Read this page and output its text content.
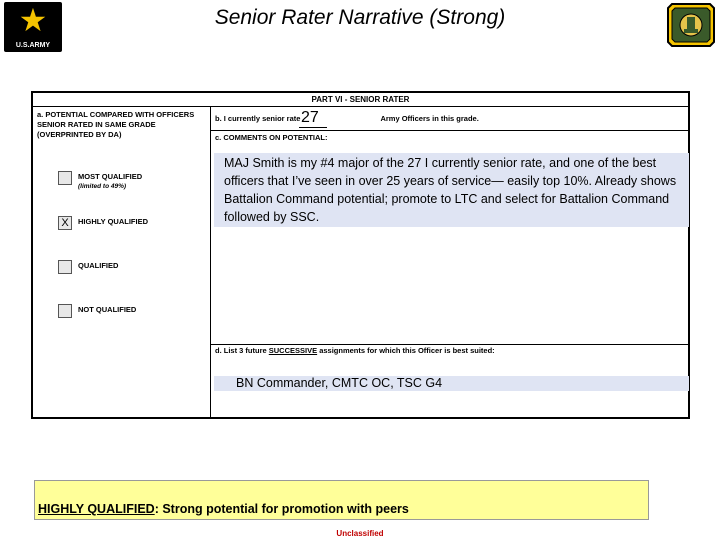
★
U.S.ARMY
Senior Rater Narrative (Strong)
PART VI - SENIOR RATER
a. POTENTIAL COMPARED WITH OFFICERS SENIOR RATED IN SAME GRADE (OVERPRINTED BY DA)
b. I currently senior rate	Army Officers in this grade.
27
c. COMMENTS ON POTENTIAL:
MOST QUALIFIED
(limited to 49%)
X	HIGHLY QUALIFIED
QUALIFIED
NOT QUALIFIED
MAJ Smith is my #4 major of the 27 I currently senior rate, and one of the best officers that I’ve seen in over 25 years of service— easily top 10%. Already shows Battalion Command potential; promote to LTC and select for Battalion Command followed by SSC.
d. List 3 future SUCCESSIVE assignments for which this Officer is best suited:
BN Commander, CMTC OC, TSC G4
HIGHLY QUALIFIED: Strong potential for promotion with peers
Unclassified
